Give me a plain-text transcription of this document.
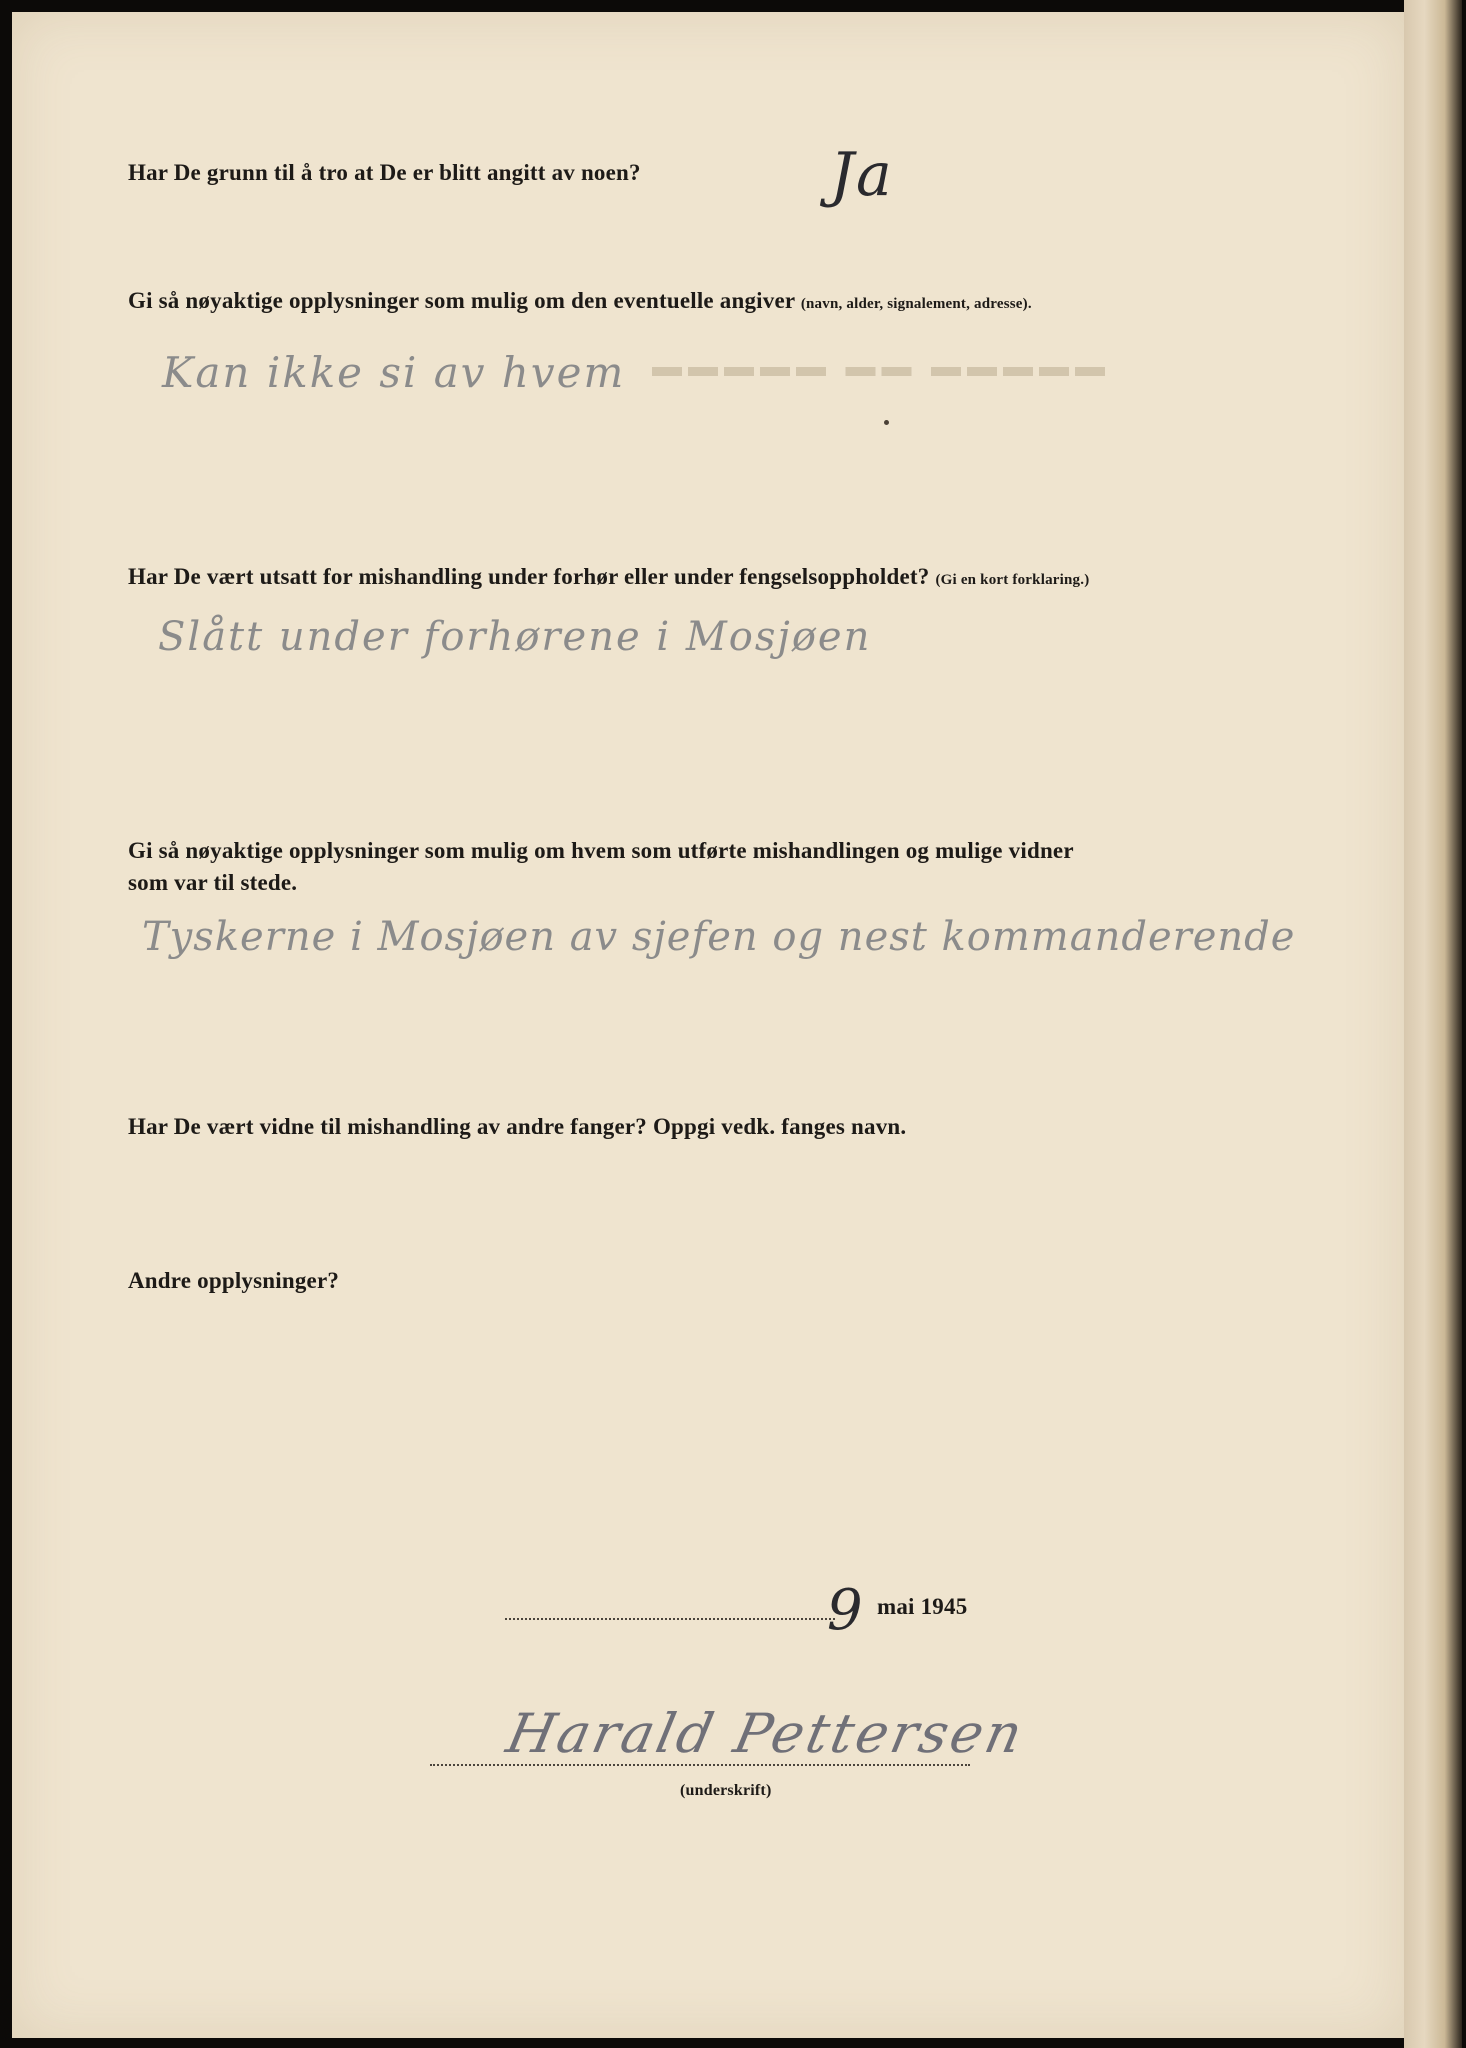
▬▬▬▬▬ ▬▬ ▬▬▬▬▬

Har De grunn til å tro at De er blitt angitt av noen?	Ja

Gi så nøyaktige opplysninger som mulig om den eventuelle angiver (navn, alder, signalement, adresse).

Kan ikke si av hvem

Har De vært utsatt for mishandling under forhør eller under fengselsoppholdet? (Gi en kort forklaring.)

Slått under forhørene i Mosjøen

Gi så nøyaktige opplysninger som mulig om hvem som utførte mishandlingen og mulige vidner

som var til stede.

Tyskerne i Mosjøen av sjefen og nest kommanderende

Har De vært vidne til mishandling av andre fanger? Oppgi vedk. fanges navn.

Andre opplysninger?

9 mai 1945

Harald Pettersen

(underskrift)
